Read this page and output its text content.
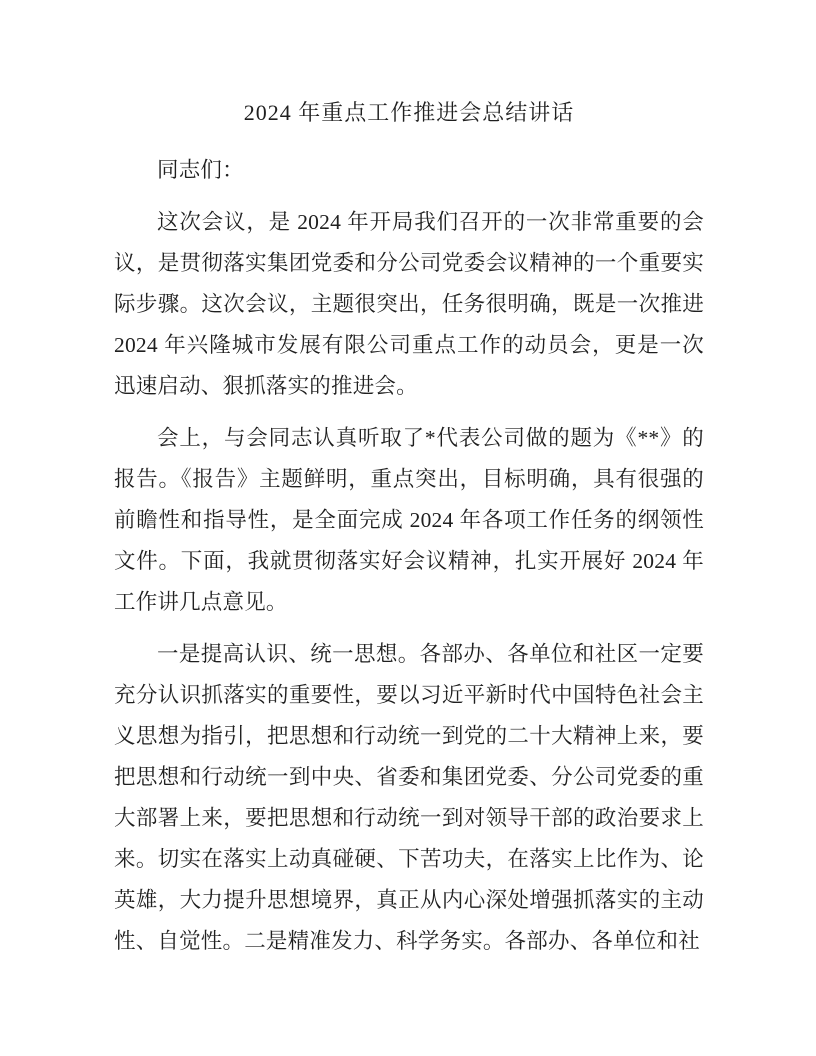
2024 年重点工作推进会总结讲话

同志们：

这次会议，是 2024 年开局我们召开的一次非常重要的会议，是贯彻落实集团党委和分公司党委会议精神的一个重要实际步骤。这次会议，主题很突出，任务很明确，既是一次推进 2024 年兴隆城市发展有限公司重点工作的动员会，更是一次迅速启动、狠抓落实的推进会。

会上，与会同志认真听取了*代表公司做的题为《**》的报告。《报告》主题鲜明，重点突出，目标明确，具有很强的前瞻性和指导性，是全面完成 2024 年各项工作任务的纲领性文件。下面，我就贯彻落实好会议精神，扎实开展好 2024 年工作讲几点意见。

一是提高认识、统一思想。各部办、各单位和社区一定要充分认识抓落实的重要性，要以习近平新时代中国特色社会主义思想为指引，把思想和行动统一到党的二十大精神上来，要把思想和行动统一到中央、省委和集团党委、分公司党委的重大部署上来，要把思想和行动统一到对领导干部的政治要求上来。切实在落实上动真碰硬、下苦功夫，在落实上比作为、论英雄，大力提升思想境界，真正从内心深处增强抓落实的主动性、自觉性。二是精准发力、科学务实。各部办、各单位和社
